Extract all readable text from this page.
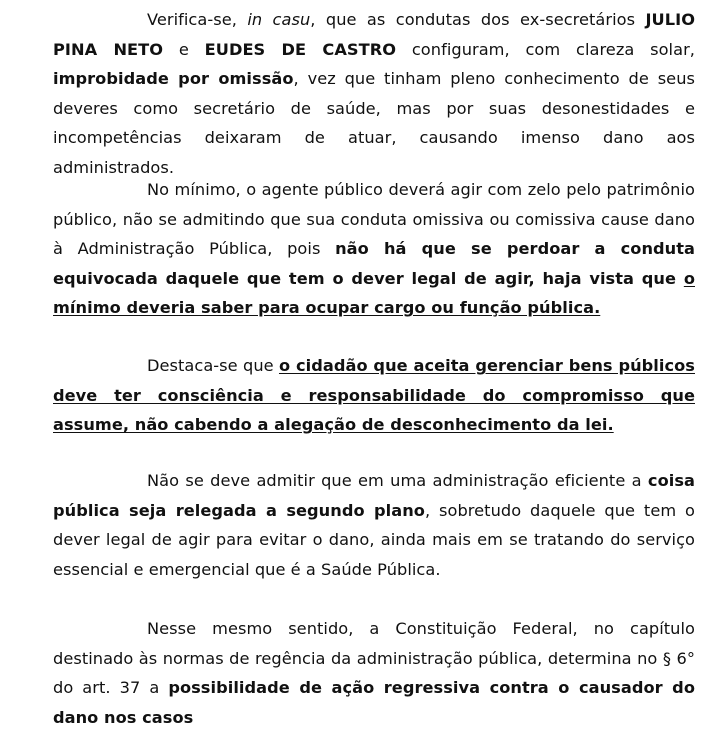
Verifica-se, in casu, que as condutas dos ex-secretários JULIO PINA NETO e EUDES DE CASTRO configuram, com clareza solar, improbidade por omissão, vez que tinham pleno conhecimento de seus deveres como secretário de saúde, mas por suas desonestidades e incompetências deixaram de atuar, causando imenso dano aos administrados.

No mínimo, o agente público deverá agir com zelo pelo patrimônio público, não se admitindo que sua conduta omissiva ou comissiva cause dano à Administração Pública, pois não há que se perdoar a conduta equivocada daquele que tem o dever legal de agir, haja vista que o mínimo deveria saber para ocupar cargo ou função pública.

Destaca-se que o cidadão que aceita gerenciar bens públicos deve ter consciência e responsabilidade do compromisso que assume, não cabendo a alegação de desconhecimento da lei.

Não se deve admitir que em uma administração eficiente a coisa pública seja relegada a segundo plano, sobretudo daquele que tem o dever legal de agir para evitar o dano, ainda mais em se tratando do serviço essencial e emergencial que é a Saúde Pública.

Nesse mesmo sentido, a Constituição Federal, no capítulo destinado às normas de regência da administração pública, determina no § 6° do art. 37 a possibilidade de ação regressiva contra o causador do dano nos casos
